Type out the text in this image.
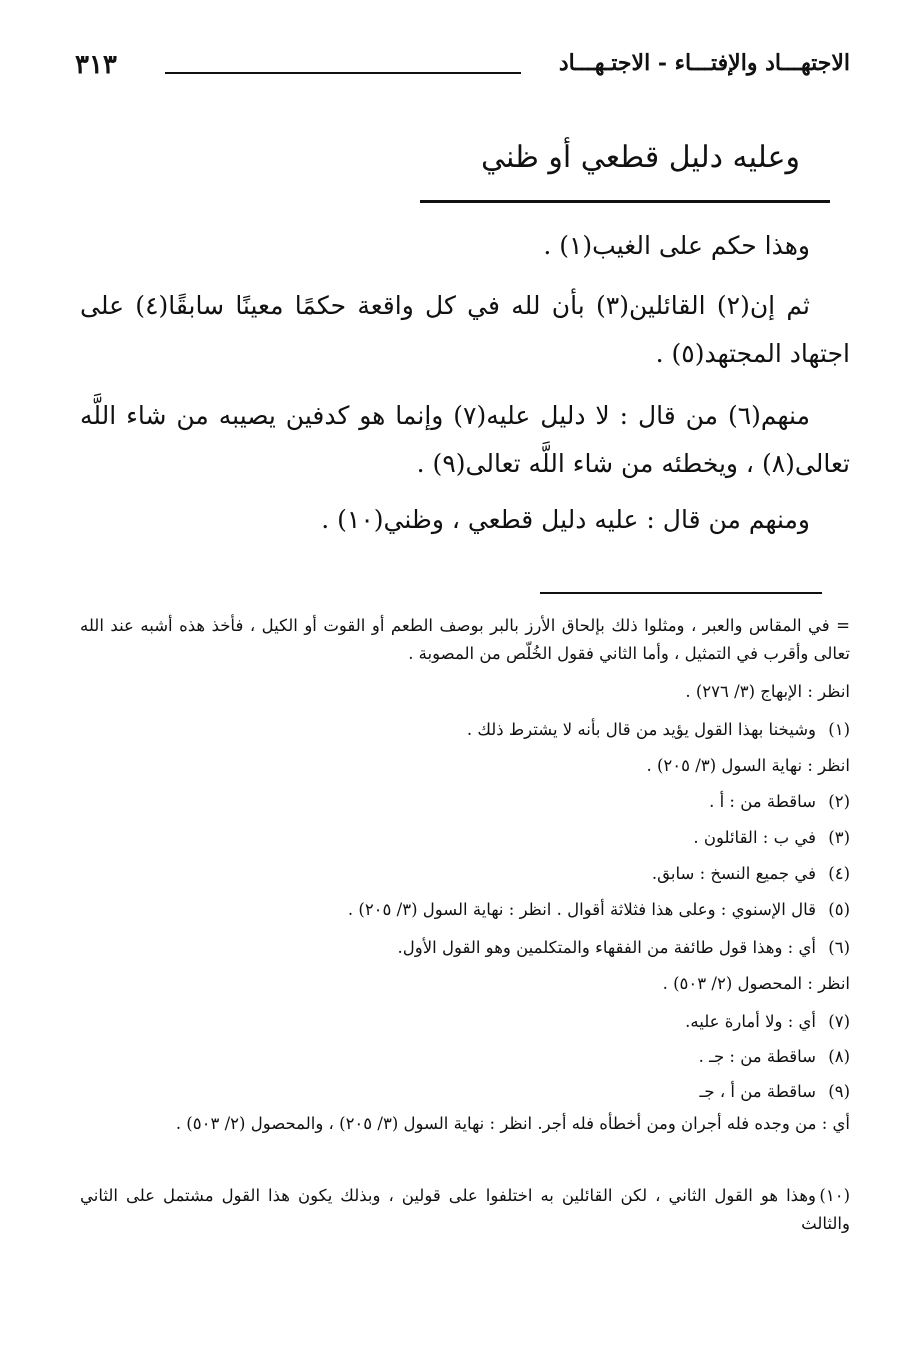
الاجتهـــاد والإفتـــاء - الاجتـهـــاد
٣١٣
وعليه دليل قطعي أو ظني
وهذا حكم على الغيب(١) .
ثم إن(٢) القائلين(٣) بأن لله في كل واقعة حكمًا معينًا سابقًا(٤) على اجتهاد المجتهد(٥) .
منهم(٦) من قال : لا دليل عليه(٧) وإنما هو كدفين يصيبه من شاء اللَّه تعالى(٨) ، ويخطئه من شاء اللَّه تعالى(٩) .
ومنهم من قال : عليه دليل قطعي ، وظني(١٠) .
= في المقاس والعبر ، ومثلوا ذلك بإلحاق الأرز بالبر بوصف الطعم أو القوت أو الكيل ، فأخذ هذه أشبه عند الله تعالى وأقرب في التمثيل ، وأما الثاني فقول الخُلّص من المصوبة .
انظر : الإبهاج (٣/ ٢٧٦) .
(١)وشيخنا بهذا القول يؤيد من قال بأنه لا يشترط ذلك .
انظر : نهاية السول (٣/ ٢٠٥) .
(٢)ساقطة من : أ .
(٣)في ب : القائلون .
(٤)في جميع النسخ : سابق.
(٥)قال الإسنوي : وعلى هذا فثلاثة أقوال . انظر : نهاية السول (٣/ ٢٠٥) .
(٦)أي : وهذا قول طائفة من الفقهاء والمتكلمين وهو القول الأول.
انظر : المحصول (٢/ ٥٠٣) .
(٧)أي : ولا أمارة عليه.
(٨)ساقطة من : جـ .
(٩)ساقطة من أ ، جـ
أي : من وجده فله أجران ومن أخطأه فله أجر. انظر : نهاية السول (٣/ ٢٠٥) ، والمحصول (٢/ ٥٠٣) .
(١٠)وهذا هو القول الثاني ، لكن القائلين به اختلفوا على قولين ، وبذلك يكون هذا القول مشتمل على الثاني والثالث
